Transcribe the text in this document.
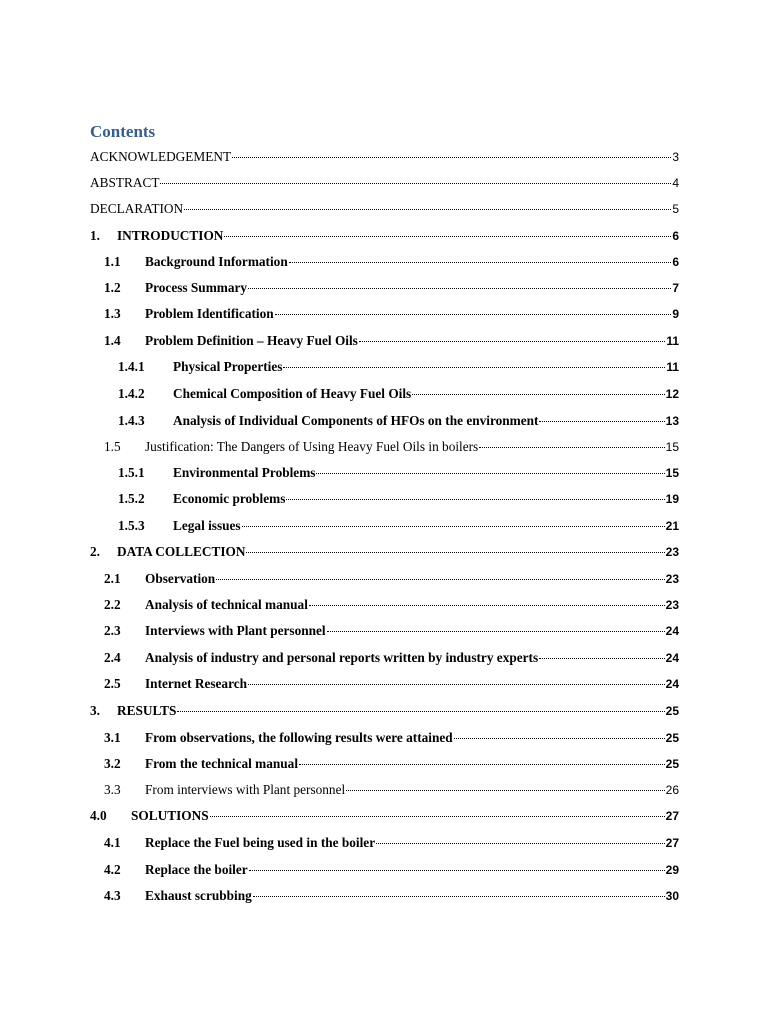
Contents
ACKNOWLEDGEMENT	3
ABSTRACT	4
DECLARATION	5
1.	INTRODUCTION	6
1.1	Background Information	6
1.2	Process Summary	7
1.3	Problem Identification	9
1.4	Problem Definition – Heavy Fuel Oils	11
1.4.1	Physical Properties	11
1.4.2	Chemical Composition of Heavy Fuel Oils	12
1.4.3	Analysis of Individual Components of HFOs on the environment	13
1.5	Justification: The Dangers of Using Heavy Fuel Oils in boilers	15
1.5.1	Environmental Problems	15
1.5.2	Economic problems	19
1.5.3	Legal issues	21
2.	DATA COLLECTION	23
2.1	Observation	23
2.2	Analysis of technical manual	23
2.3	Interviews with Plant personnel	24
2.4	Analysis of industry and personal reports written by industry experts	24
2.5	Internet Research	24
3.	RESULTS	25
3.1	From observations, the following results were attained	25
3.2	From the technical manual	25
3.3	From interviews with Plant personnel	26
4.0	SOLUTIONS	27
4.1	Replace the Fuel being used in the boiler	27
4.2	Replace the boiler	29
4.3	Exhaust scrubbing	30
